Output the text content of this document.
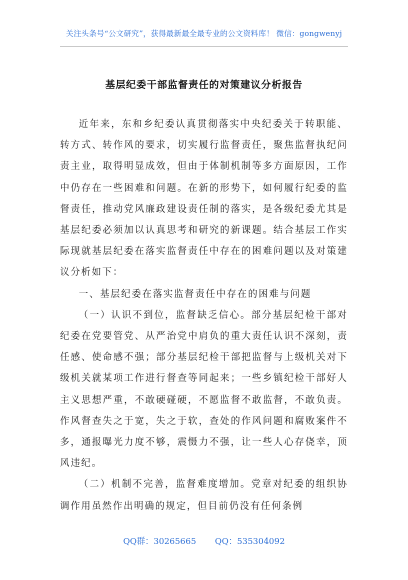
关注头条号“公文研究”，获得最新最全最专业的公文资料库！ 微信：gongwenyj
基层纪委干部监督责任的对策建议分析报告

近年来，东和乡纪委认真贯彻落实中央纪委关于转职能、转方式、转作风的要求，切实履行监督责任，聚焦监督执纪问责主业，取得明显成效，但由于体制机制等多方面原因，工作中仍存在一些困难和问题。在新的形势下，如何履行纪委的监督责任，推动党风廉政建设责任制的落实，是各级纪委尤其是基层纪委必须加以认真思考和研究的新课题。结合基层工作实际现就基层纪委在落实监督责任中存在的困难问题以及对策建议分析如下：

一、基层纪委在落实监督责任中存在的困难与问题

（一）认识不到位，监督缺乏信心。部分基层纪检干部对纪委在党要管党、从严治党中肩负的重大责任认识不深刻，责任感、使命感不强；部分基层纪检干部把监督与上级机关对下级机关就某项工作进行督查等同起来；一些乡镇纪检干部好人主义思想严重，不敢硬碰硬，不愿监督不敢监督，不敢负责。作风督查失之于宽，失之于软，查处的作风问题和腐败案件不多，通报曝光力度不够，震慑力不强，让一些人心存侥幸，顶风违纪。

（二）机制不完善，监督难度增加。党章对纪委的组织协调作用虽然作出明确的规定，但目前仍没有任何条例

QQ群：30265665 QQ：535304092
